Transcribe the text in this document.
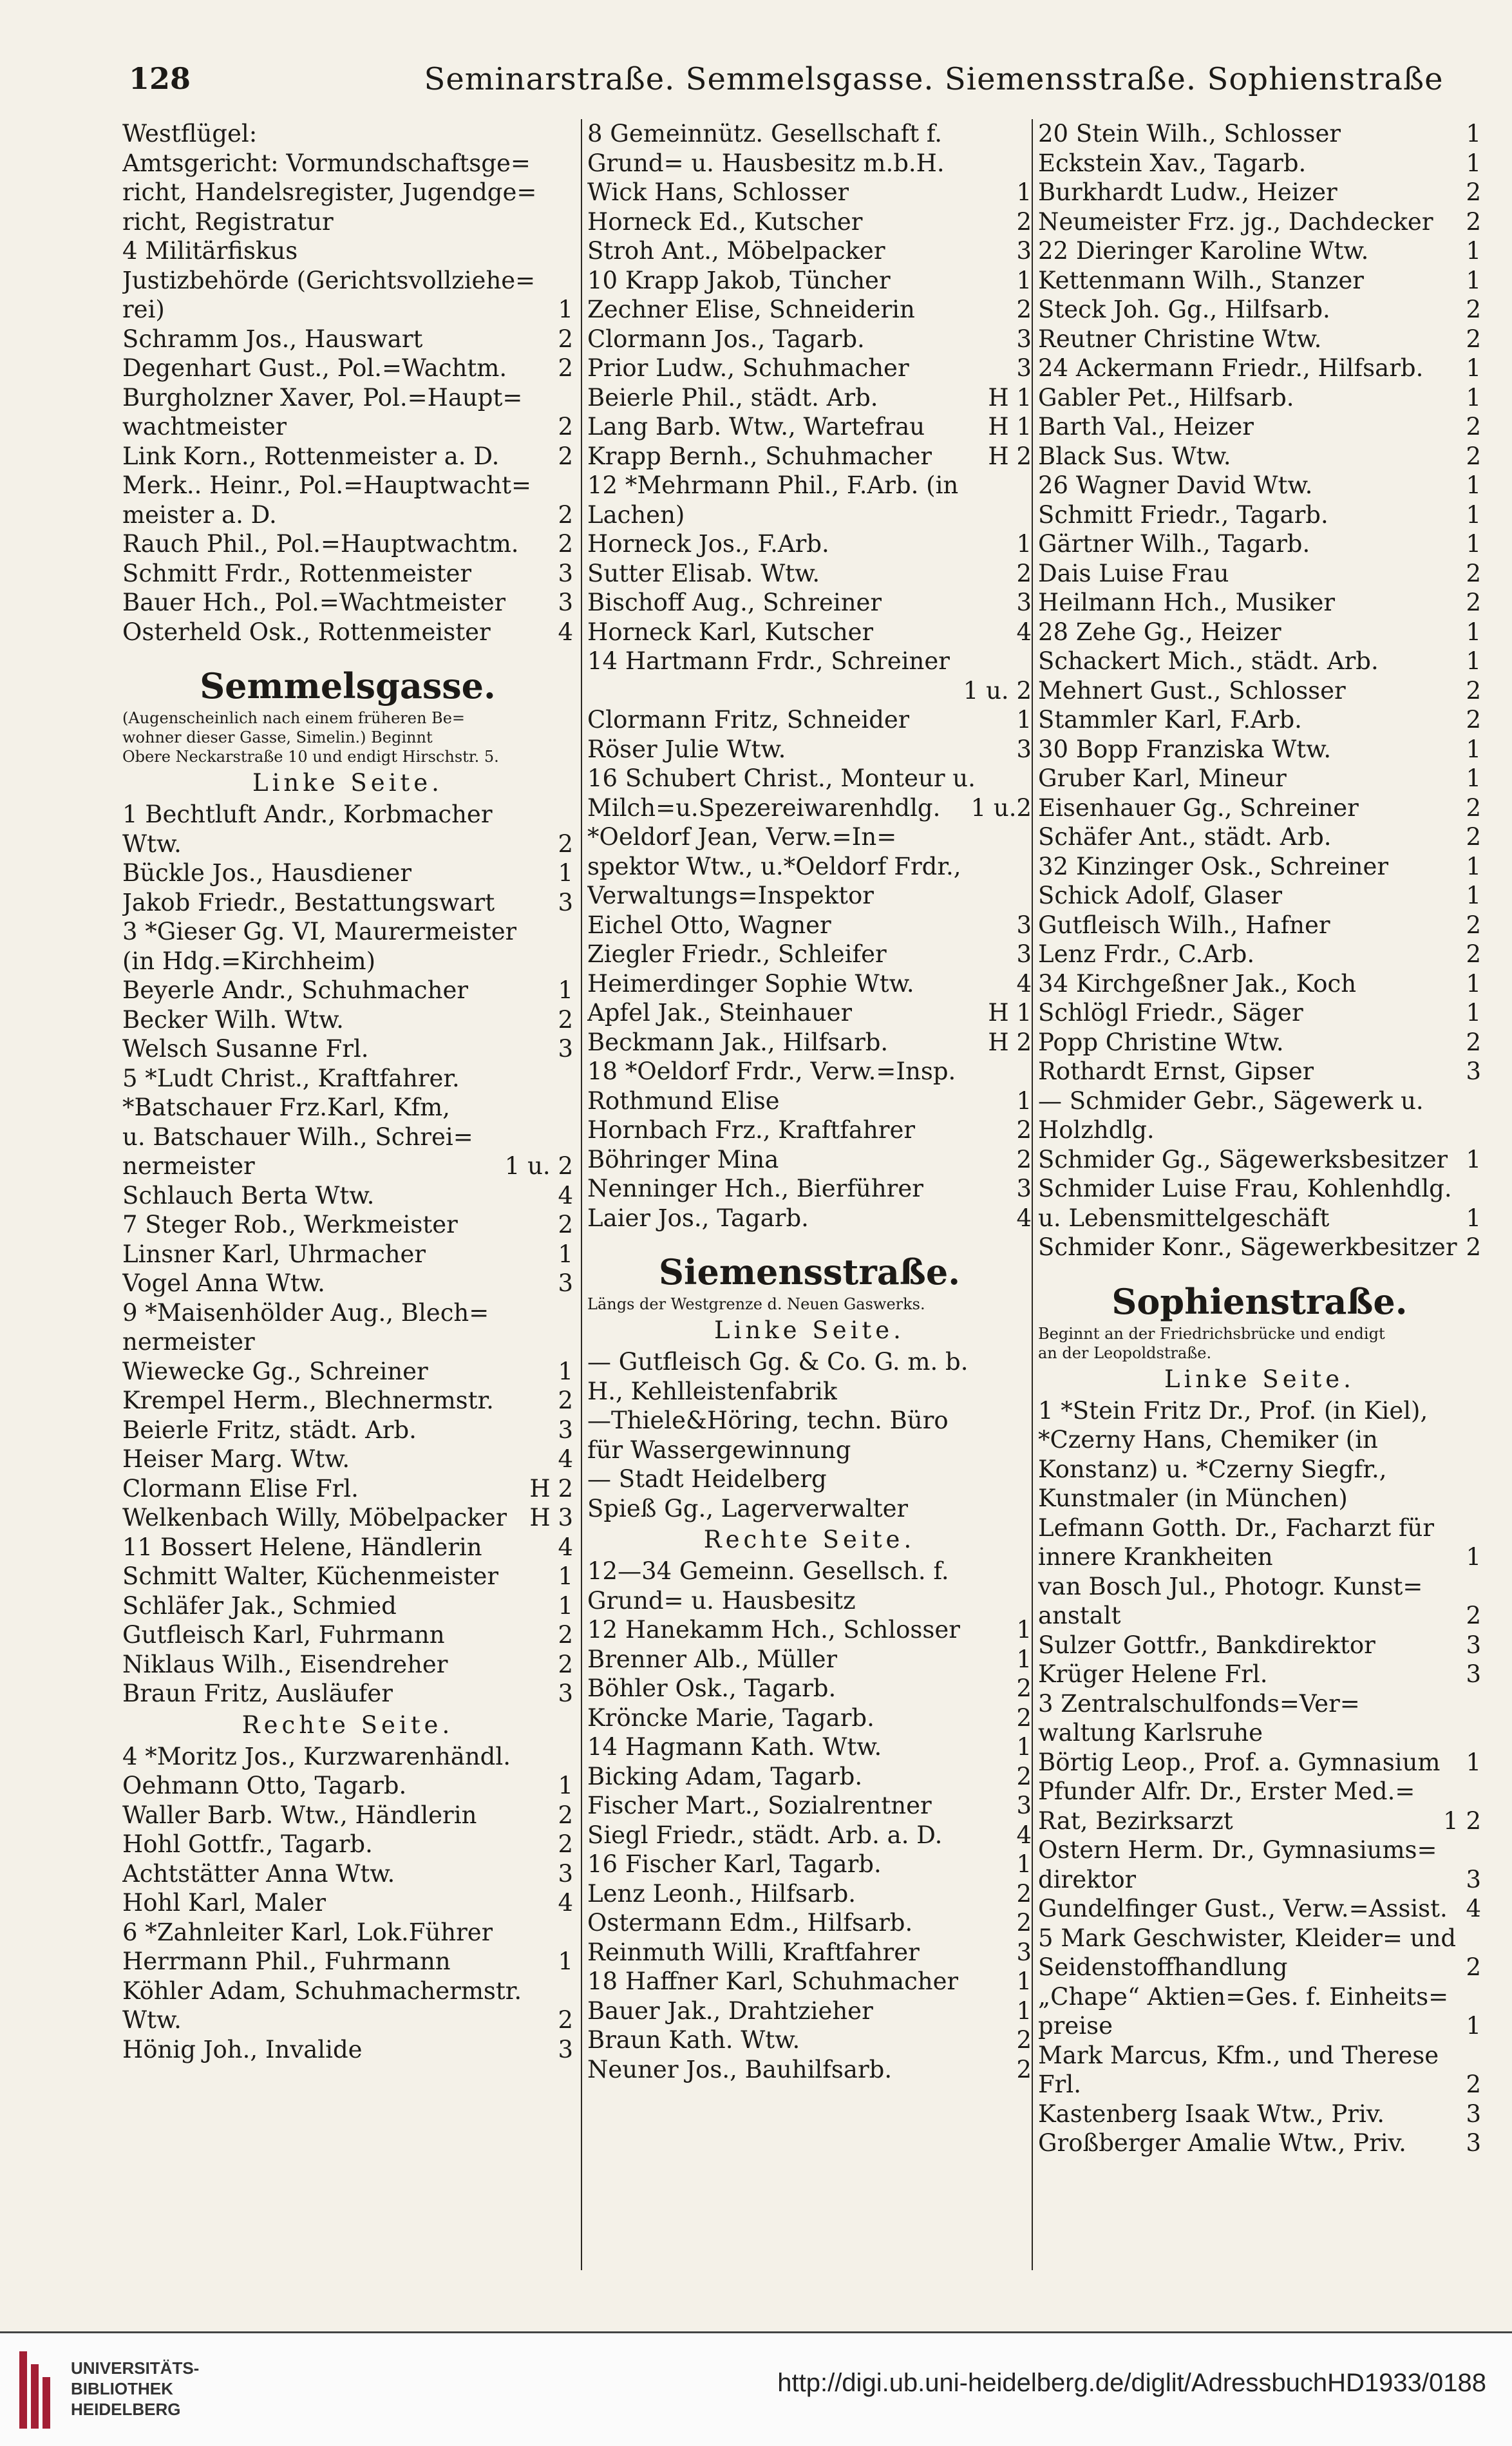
128	Seminarstraße. Semmelsgasse. Siemensstraße. Sophienstraße
Westflügel:
Amtsgericht: Vormundschaftsge=
richt, Handelsregister, Jugendge=
richt, Registratur
4 Militärfiskus
Justizbehörde (Gerichtsvollziehe=
rei)	1
Schramm Jos., Hauswart	2
Degenhart Gust., Pol.=Wachtm. 2
Burgholzner Xaver, Pol.=Haupt=
wachtmeister	2
Link Korn., Rottenmeister a. D. 2
Merk.. Heinr., Pol.=Hauptwacht=
meister a. D.	2
Rauch Phil., Pol.=Hauptwachtm. 2
Schmitt Frdr., Rottenmeister	3
Bauer Hch., Pol.=Wachtmeister 3
Osterheld Osk., Rottenmeister	4
Semmelsgasse.
(Augenscheinlich nach einem früheren Be=
wohner dieser Gasse, Simelin.) Beginnt
Obere Neckarstraße 10 und endigt Hirschstr. 5.
Linke Seite.
1 Bechtluft Andr., Korbmacher
Wtw.	2
Bückle Jos., Hausdiener	1
Jakob Friedr., Bestattungswart	3
3 *Gieser Gg. VI, Maurermeister
(in Hdg.=Kirchheim)
Beyerle Andr., Schuhmacher	1
Becker Wilh. Wtw.	2
Welsch Susanne Frl.	3
5 *Ludt Christ., Kraftfahrer.
*Batschauer Frz.Karl, Kfm,
u. Batschauer Wilh., Schrei=
nermeister	1 u. 2
Schlauch Berta Wtw.	4
7 Steger Rob., Werkmeister	2
Linsner Karl, Uhrmacher	1
Vogel Anna Wtw.	3
9 *Maisenhölder Aug., Blech=
nermeister
Wiewecke Gg., Schreiner	1
Krempel Herm., Blechnermstr.	2
Beierle Fritz, städt. Arb.	3
Heiser Marg. Wtw.	4
Clormann Elise Frl.	H 2
Welkenbach Willy, Möbelpacker H 3
11 Bossert Helene, Händlerin	4
Schmitt Walter, Küchenmeister 1
Schläfer Jak., Schmied	1
Gutfleisch Karl, Fuhrmann	2
Niklaus Wilh., Eisendreher	2
Braun Fritz, Ausläufer	3
Rechte Seite.
4 *Moritz Jos., Kurzwarenhändl.
Oehmann Otto, Tagarb.	1
Waller Barb. Wtw., Händlerin	2
Hohl Gottfr., Tagarb.	2
Achtstätter Anna Wtw.	3
Hohl Karl, Maler	4
6 *Zahnleiter Karl, Lok.Führer
Herrmann Phil., Fuhrmann	1
Köhler Adam, Schuhmachermstr.
Wtw.	2
Hönig Joh., Invalide	3
8 Gemeinnütz. Gesellschaft f.
Grund= u. Hausbesitz m.b.H.
Wick Hans, Schlosser	1
Horneck Ed., Kutscher	2
Stroh Ant., Möbelpacker	3
10 Krapp Jakob, Tüncher	1
Zechner Elise, Schneiderin	2
Clormann Jos., Tagarb.	3
Prior Ludw., Schuhmacher	3
Beierle Phil., städt. Arb.	H 1
Lang Barb. Wtw., Wartefrau	H 1
Krapp Bernh., Schuhmacher H 2
12 *Mehrmann Phil., F.Arb. (in
Lachen)
Horneck Jos., F.Arb.	1
Sutter Elisab. Wtw.	2
Bischoff Aug., Schreiner	3
Horneck Karl, Kutscher	4
14 Hartmann Frdr., Schreiner
1 u. 2
Clormann Fritz, Schneider	1
Röser Julie Wtw.	3
16 Schubert Christ., Monteur u.
Milch=u.Spezereiwarenhdlg. 1 u.2
*Oeldorf Jean, Verw.=In=
spektor Wtw., u.*Oeldorf Frdr.,
Verwaltungs=Inspektor
Eichel Otto, Wagner	3
Ziegler Friedr., Schleifer	3
Heimerdinger Sophie Wtw.	4
Apfel Jak., Steinhauer	H 1
Beckmann Jak., Hilfsarb.	H 2
18 *Oeldorf Frdr., Verw.=Insp.
Rothmund Elise	1
Hornbach Frz., Kraftfahrer	2
Böhringer Mina	2
Nenninger Hch., Bierführer	3
Laier Jos., Tagarb.	4
Siemensstraße.
Längs der Westgrenze d. Neuen Gaswerks.
Linke Seite.
— Gutfleisch Gg. & Co. G. m. b.
H., Kehlleistenfabrik
—Thiele&Höring, techn. Büro
für Wassergewinnung
— Stadt Heidelberg
Spieß Gg., Lagerverwalter
Rechte Seite.
12—34 Gemeinn. Gesellsch. f.
Grund= u. Hausbesitz
12 Hanekamm Hch., Schlosser 1
Brenner Alb., Müller	1
Böhler Osk., Tagarb.	2
Kröncke Marie, Tagarb.	2
14 Hagmann Kath. Wtw.	1
Bicking Adam, Tagarb.	2
Fischer Mart., Sozialrentner	3
Siegl Friedr., städt. Arb. a. D.	4
16 Fischer Karl, Tagarb.	1
Lenz Leonh., Hilfsarb.	2
Ostermann Edm., Hilfsarb.	2
Reinmuth Willi, Kraftfahrer	3
18 Haffner Karl, Schuhmacher 1
Bauer Jak., Drahtzieher	1
Braun Kath. Wtw.	2
Neuner Jos., Bauhilfsarb.	2
20 Stein Wilh., Schlosser	1
Eckstein Xav., Tagarb.	1
Burkhardt Ludw., Heizer	2
Neumeister Frz. jg., Dachdecker 2
22 Dieringer Karoline Wtw.	1
Kettenmann Wilh., Stanzer	1
Steck Joh. Gg., Hilfsarb.	2
Reutner Christine Wtw.	2
24 Ackermann Friedr., Hilfsarb. 1
Gabler Pet., Hilfsarb.	1
Barth Val., Heizer	2
Black Sus. Wtw.	2
26 Wagner David Wtw.	1
Schmitt Friedr., Tagarb.	1
Gärtner Wilh., Tagarb.	1
Dais Luise Frau	2
Heilmann Hch., Musiker	2
28 Zehe Gg., Heizer	1
Schackert Mich., städt. Arb.	1
Mehnert Gust., Schlosser	2
Stammler Karl, F.Arb.	2
30 Bopp Franziska Wtw.	1
Gruber Karl, Mineur	1
Eisenhauer Gg., Schreiner	2
Schäfer Ant., städt. Arb.	2
32 Kinzinger Osk., Schreiner	1
Schick Adolf, Glaser	1
Gutfleisch Wilh., Hafner	2
Lenz Frdr., C.Arb.	2
34 Kirchgeßner Jak., Koch	1
Schlögl Friedr., Säger	1
Popp Christine Wtw.	2
Rothardt Ernst, Gipser	3
— Schmider Gebr., Sägewerk u.
Holzhdlg.
Schmider Gg., Sägewerksbesitzer 1
Schmider Luise Frau, Kohlenhdlg.
u. Lebensmittelgeschäft	1
Schmider Konr., Sägewerkbesitzer 2
Sophienstraße.
Beginnt an der Friedrichsbrücke und endigt
an der Leopoldstraße.
Linke Seite.
1 *Stein Fritz Dr., Prof. (in Kiel),
*Czerny Hans, Chemiker (in
Konstanz) u. *Czerny Siegfr.,
Kunstmaler (in München)
Lefmann Gotth. Dr., Facharzt für
innere Krankheiten	1
van Bosch Jul., Photogr. Kunst=
anstalt	2
Sulzer Gottfr., Bankdirektor	3
Krüger Helene Frl.	3
3 Zentralschulfonds=Ver=
waltung Karlsruhe
Börtig Leop., Prof. a. Gymnasium 1
Pfunder Alfr. Dr., Erster Med.=
Rat, Bezirksarzt	1 2
Ostern Herm. Dr., Gymnasiums=
direktor	3
Gundelfinger Gust., Verw.=Assist. 4
5 Mark Geschwister, Kleider= und
Seidenstoffhandlung	2
„Chape“ Aktien=Ges. f. Einheits=
preise	1
Mark Marcus, Kfm., und Therese
Frl.	2
Kastenberg Isaak Wtw., Priv.	3
Großberger Amalie Wtw., Priv.	3
UNIVERSITÄTS-
BIBLIOTHEK
HEIDELBERG
http://digi.ub.uni-heidelberg.de/diglit/AdressbuchHD1933/0188
